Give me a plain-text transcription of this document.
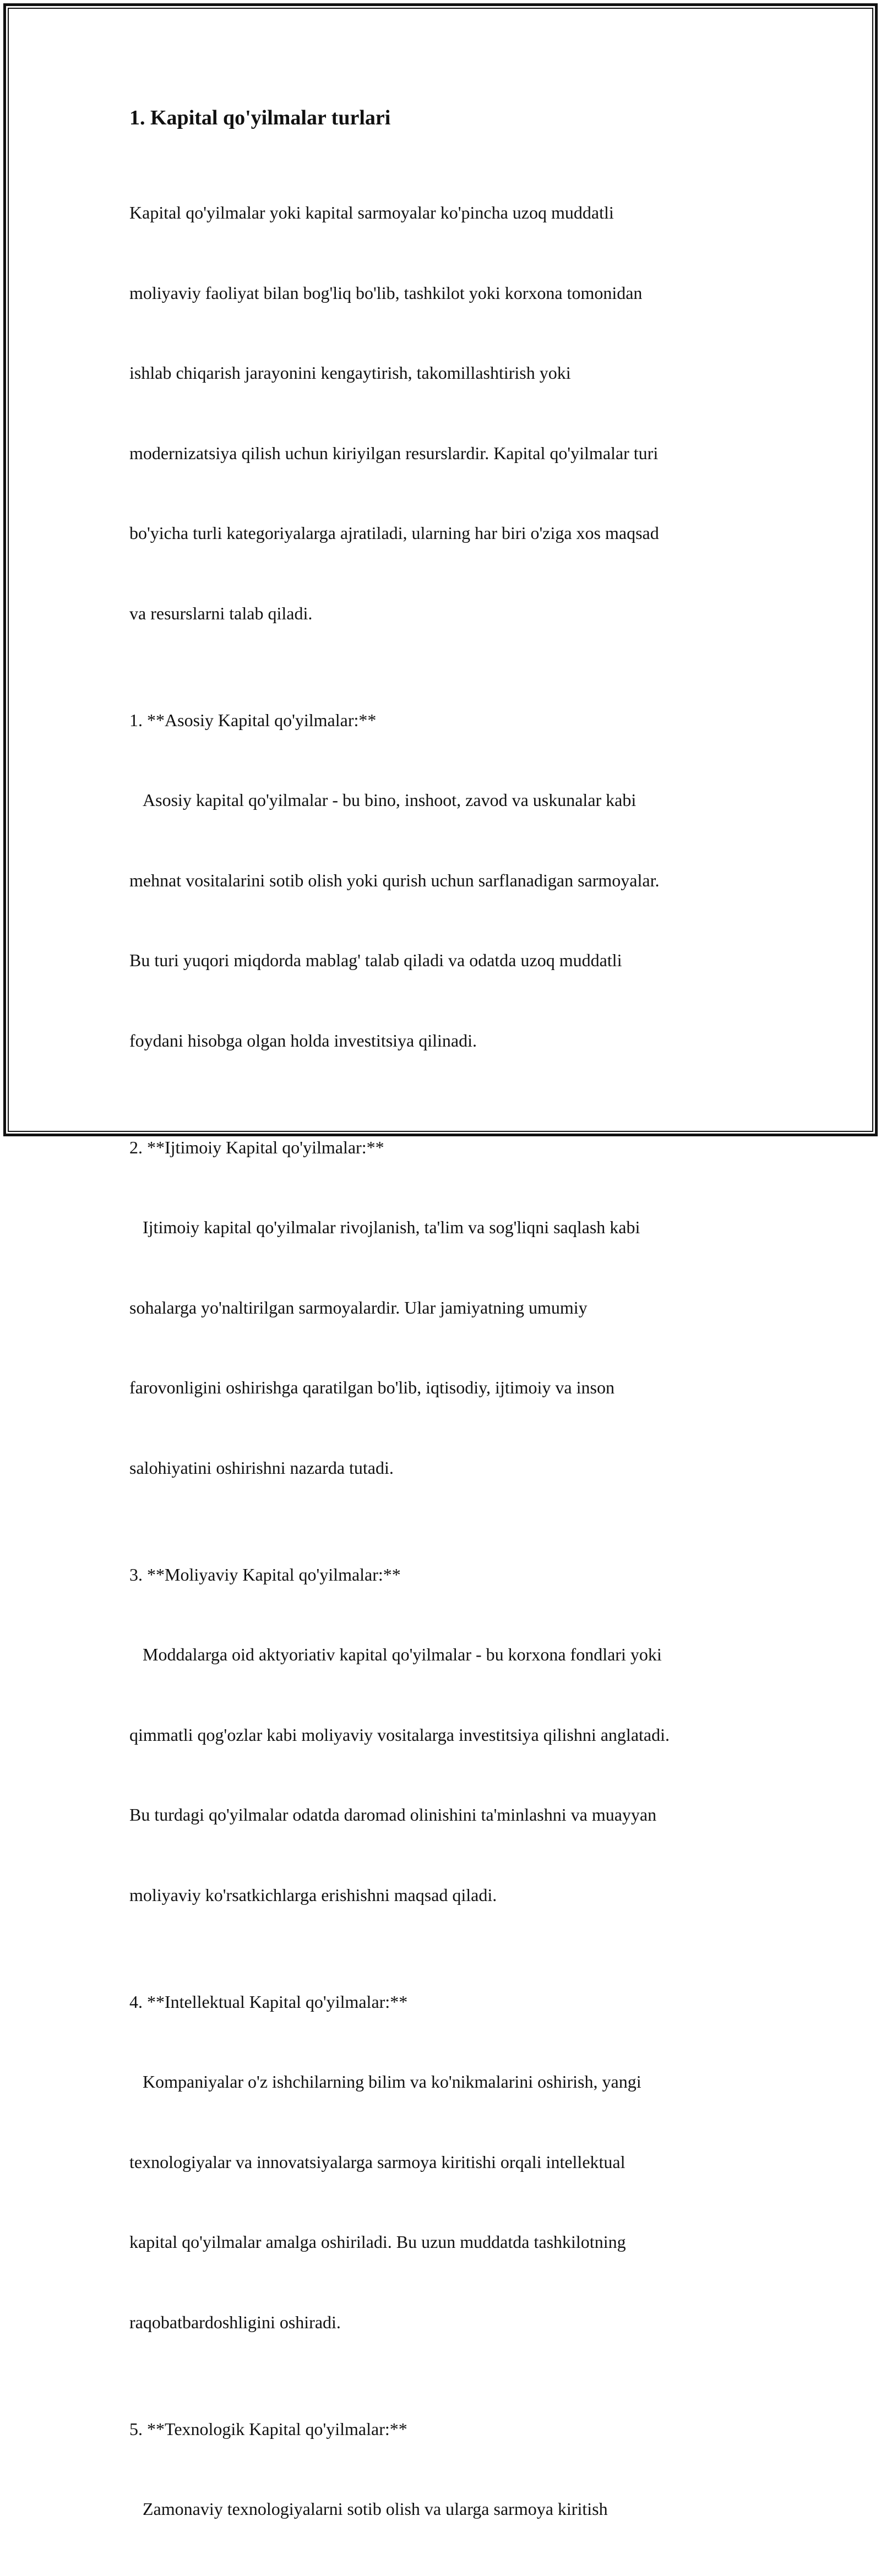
1. Kapital qo'yilmalar turlari

Kapital qo'yilmalar yoki kapital sarmoyalar ko'pincha uzoq muddatli

moliyaviy faoliyat bilan bog'liq bo'lib, tashkilot yoki korxona tomonidan

ishlab chiqarish jarayonini kengaytirish, takomillashtirish yoki

modernizatsiya qilish uchun kiriyilgan resurslardir. Kapital qo'yilmalar turi

bo'yicha turli kategoriyalarga ajratiladi, ularning har biri o'ziga xos maqsad

va resurslarni talab qiladi.

1. **Asosiy Kapital qo'yilmalar:**

Asosiy kapital qo'yilmalar - bu bino, inshoot, zavod va uskunalar kabi

mehnat vositalarini sotib olish yoki qurish uchun sarflanadigan sarmoyalar.

Bu turi yuqori miqdorda mablag' talab qiladi va odatda uzoq muddatli

foydani hisobga olgan holda investitsiya qilinadi.

2. **Ijtimoiy Kapital qo'yilmalar:**

Ijtimoiy kapital qo'yilmalar rivojlanish, ta'lim va sog'liqni saqlash kabi

sohalarga yo'naltirilgan sarmoyalardir. Ular jamiyatning umumiy

farovonligini oshirishga qaratilgan bo'lib, iqtisodiy, ijtimoiy va inson

salohiyatini oshirishni nazarda tutadi.

3. **Moliyaviy Kapital qo'yilmalar:**

Moddalarga oid aktyoriativ kapital qo'yilmalar - bu korxona fondlari yoki

qimmatli qog'ozlar kabi moliyaviy vositalarga investitsiya qilishni anglatadi.

Bu turdagi qo'yilmalar odatda daromad olinishini ta'minlashni va muayyan

moliyaviy ko'rsatkichlarga erishishni maqsad qiladi.

4. **Intellektual Kapital qo'yilmalar:**

Kompaniyalar o'z ishchilarning bilim va ko'nikmalarini oshirish, yangi

texnologiyalar va innovatsiyalarga sarmoya kiritishi orqali intellektual

kapital qo'yilmalar amalga oshiriladi. Bu uzun muddatda tashkilotning

raqobatbardoshligini oshiradi.

5. **Texnologik Kapital qo'yilmalar:**

Zamonaviy texnologiyalarni sotib olish va ularga sarmoya kiritish
